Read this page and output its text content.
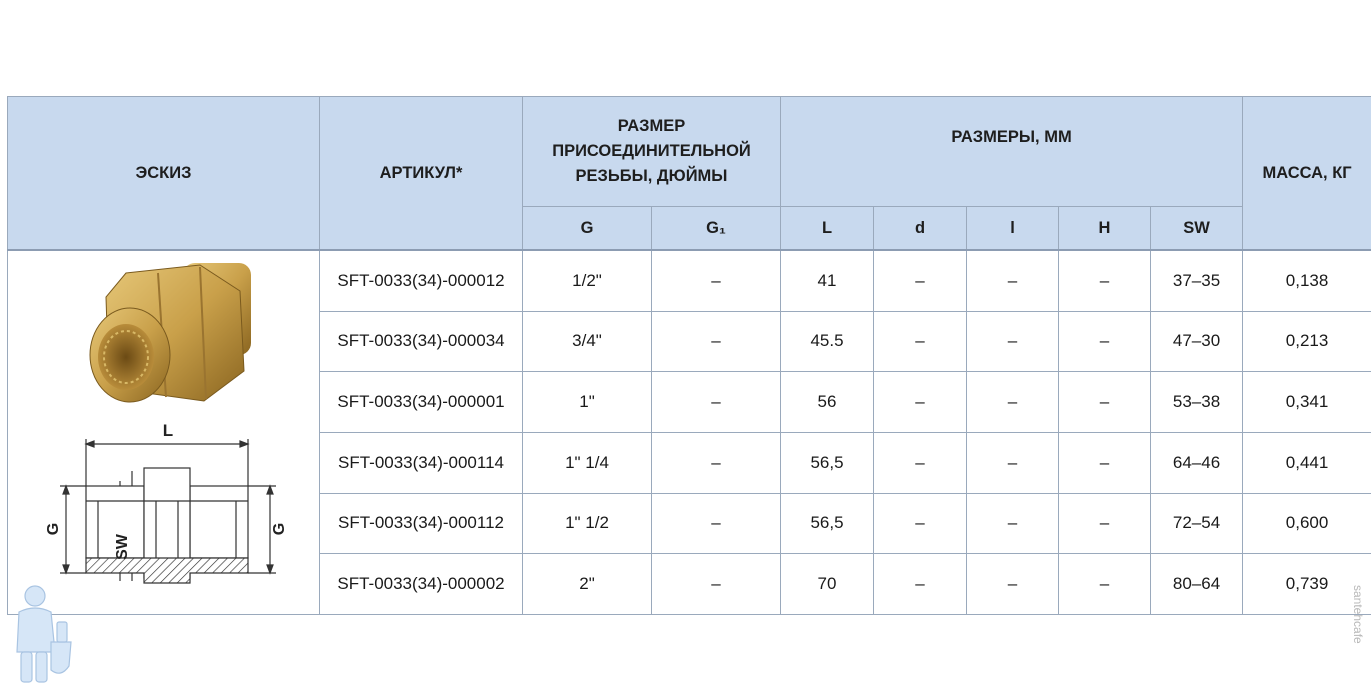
ЭСКИЗ	АРТИКУЛ*	РАЗМЕР ПРИСОЕДИНИТЕЛЬНОЙ РЕЗЬБЫ, ДЮЙМЫ		РАЗМЕРЫ, ММ					МАССА, КГ
		G	G₁	L	d	l	H	SW	

L
G G
SW	SFT-0033(34)-000012	1/2"	–	41	–	–	–	37–35	0,138
	SFT-0033(34)-000034	3/4"	–	45.5	–	–	–	47–30	0,213
	SFT-0033(34)-000001	1"	–	56	–	–	–	53–38	0,341
	SFT-0033(34)-000114	1" 1/4	–	56,5	–	–	–	64–46	0,441
	SFT-0033(34)-000112	1" 1/2	–	56,5	–	–	–	72–54	0,600
	SFT-0033(34)-000002	2"	–	70	–	–	–	80–64	0,739
santehcafe
